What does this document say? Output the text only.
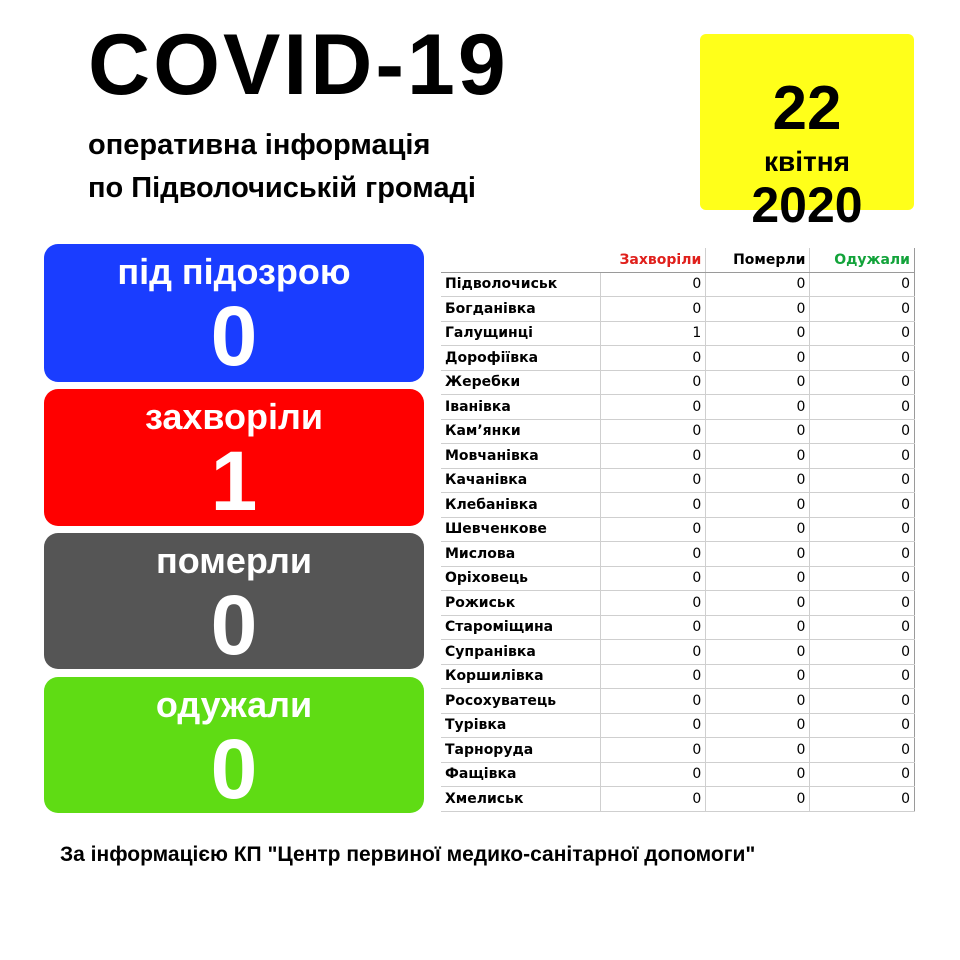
COVID-19
оперативна інформація
по Підволочиській громаді
22
квітня
2020
під підозрою
0
захворіли
1
померли
0
одужали
0
	Захворіли	Померли	Одужали
Підволочиськ	0	0	0
Богданівка	0	0	0
Галущинці	1	0	0
Дорофіївка	0	0	0
Жеребки	0	0	0
Іванівка	0	0	0
Кам’янки	0	0	0
Мовчанівка	0	0	0
Качанівка	0	0	0
Клебанівка	0	0	0
Шевченкове	0	0	0
Мислова	0	0	0
Оріховець	0	0	0
Рожиськ	0	0	0
Староміщина	0	0	0
Супранівка	0	0	0
Коршилівка	0	0	0
Росохуватець	0	0	0
Турівка	0	0	0
Тарноруда	0	0	0
Фащівка	0	0	0
Хмелиськ	0	0	0
За інформацією КП "Центр первиної медико-санітарної допомоги"
